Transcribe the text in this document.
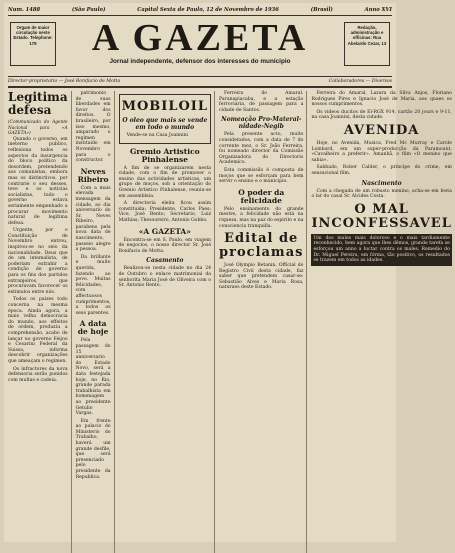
Num. 1488	(São Paulo)	Capital Sexta de Paulo, 12 de Novembro de 1936	(Brasil)	Anno XVI
Orgam de maior circulação neste Estado. Telephone: 179	A GAZETA
Jornal independente, defensor dos interesses do municipio
Redação, administração e officinas: Rua Abelardo Cezar, 13
Director-proprietario — José Bonifacio de Motta	Collaboradores — Diversos
Legitima defesa
(Communicado do Agente Nacional para «A GAZETA»)

Quando o governo, em ineterno publico, reflexiona todos os aspectos da insurgencia do bloco político da desordem, pretendendo aos comunistas, embora mas os distinctivos, por contrarie o seu desses, teve e os noticias socialistas, tudo o governo estava seriamente empenhado a procurar movimento natural de legitima defesa.

Urgente, por o Constituição de Novembro entrou, inspirou-se no seio da nacionalidade. Deus que de um intemalista, de poderiam extrahir a condição de governo para os fins dos partidos extranjeiros, que procuravam favorecer os estimulos entre nós.

Todos os paizes todo concerna na mesma época. Ainda agora, a mais velha democracia do mundo, aos effeitos de ordem, produziu a comprehensão, acabo de lançar no governo Feijoo e Cesarini Federal da Suissa, informa descobrir organizações que ameaçam o regimen.

Os infractores da nova defensoria serão punidos com multas e cadeia.

patrimonio de suas liberdades em favor dos direitos. O brasileiro, por isso mesmo, amparado o regimen instituido em Novembro para o constructor.

Neves Ribeiro

Com a mais elevada mensagem da cidade, ao dia aniversario do Sr. Neves Ribeiro, parabens pela nova data de nascimento, passeio alegre a pessoa.

Da brillante e muito querida, fazendo ao povo. Muitas felicidades, com affectuosos cumprimentos, a todos os seus parentes.

A data de hoje

Pela passagem do 15 anniversario do Estado Novo, será a data festejada hoje, no Rio, grande parada trabalhista em homenagem ao presidente Getulio Vargas.

Em frente ao palacio do Ministerio do Trabalho, haverá um grande desfile, que será presenciado pelo presidente da Republica.

MOBILOIL
O oleo que mais se vende em todo o mundo

Vende-se na Casa Joannini

Gremio Artistico Pinhalense

A fim de se organizarem nesta cidade, com o fim de promover o ensino das actividades artisticas, um grupo de moços, sob a orientação do Gremio Artistico Pinhalense, reuniu-se em assembleia.

A directoria eleita ficou assim constituida: Presidente, Carlos Paes; Vice, José Bento; Secretario, Luiz Mathias; Thesoureiro, Antonio Gobbo.

«A GAZETA»

Encontra-se em S. Paulo, em viagem de negocios, o nosso director Sr. José Bonifacio de Motta.

Casamento

Realizou-se nesta cidade no dia 24 de Outubro o enlace matrimonial da senhorita Maria José de Oliveira com o Sr. Antonio Bento.

Ferreira do Amaral. Paranapiacaba, e a estação ferroviaria, de passagem para a cidade de Santos.

Nomeação Pro-Materal-nidade-Negib

Pela presente acto, muito considerados, com a data de 7 do corrente mez, o Sr. João Ferreira, foi nomeado director da Comissão Organizadora do Directorio Academico.

Esta commissão é composta de moços que se esforçam para bem servir o ensino e o municipio.

O poder da felicidade

Pelo ensinamento do grande mestre, a felicidade não está na riqueza, mas na paz do espirito e na consciencia tranquilla.

Edital de proclamas

José Olympio Betanin, Official do Registro Civil desta cidade, faz saber que pretendem casar-se: Sebastião Alves e Maria Rosa, naturaes deste Estado.

Ferreira do Amaral, Lazara da Silva Anjos, Floriano Rodrigues Pires e Ignacio José de Maria, aos quaes os nossos cumprimentos.

Os videos ducitos de El-RGX 914, cartão 20 jours e 9-11, na casa Joannini, desta cidade.

AVENIDA

Hoje, no Avenida, Musica, Fred Mc Murray e Carole Lombard, em um super-producção da Paramount, «Cavalheiro a preferir». Amanhã, o film «O menino que sabia».

Sabbado, Rober Calder, o principe do crime, em sensacional film.

Nascimento

Com a chegada de um robusto menino, acha-se em festa o lar do casal Sr. Alcides Costa.

O MAL INCONFESSAVEL
Um dos males mais doloroso e o mais tardiamente reconhecido, bem agora que lhes dêmos, grande tarefa se esforçou um anno a luctar contra os males. Remedio do Dr. Miguel Pereira, em fórma, tão positivo, os resultados se trazem em todos as idades.
